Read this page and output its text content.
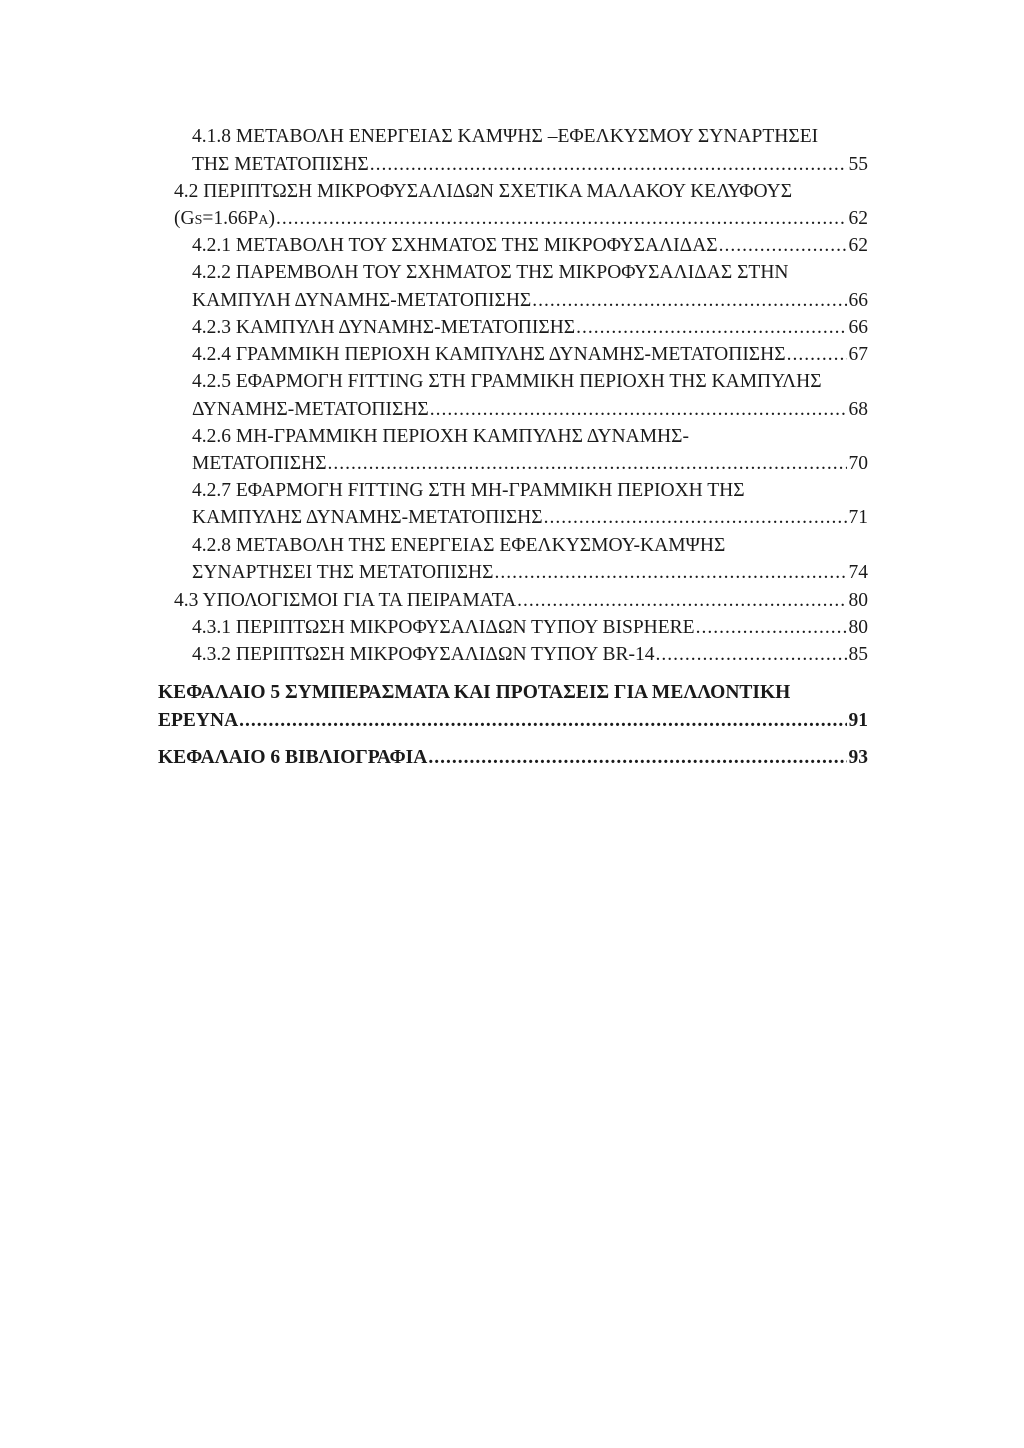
4.1.8 ΜΕΤΑΒΟΛΗ ΕΝΕΡΓΕΙΑΣ ΚΑΜΨΗΣ –ΕΦΕΛΚΥΣΜΟΥ ΣΥΝΑΡΤΗΣΕΙ
ΤΗΣ ΜΕΤΑΤΟΠΙΣΗΣ .....	55
4.2 ΠΕΡΙΠΤΩΣΗ ΜΙΚΡΟΦΥΣΑΛΙΔΩΝ ΣΧΕΤΙΚΑ ΜΑΛΑΚΟΥ ΚΕΛΥΦΟΥΣ
(GS=1.66PA) .....	62
4.2.1 ΜΕΤΑΒΟΛΗ ΤΟΥ ΣΧΗΜΑΤΟΣ ΤΗΣ ΜΙΚΡΟΦΥΣΑΛΙΔΑΣ .....	62
4.2.2 ΠΑΡΕΜΒΟΛΗ ΤΟΥ ΣΧΗΜΑΤΟΣ ΤΗΣ ΜΙΚΡΟΦΥΣΑΛΙΔΑΣ ΣΤΗΝ
ΚΑΜΠΥΛΗ ΔΥΝΑΜΗΣ-ΜΕΤΑΤΟΠΙΣΗΣ .....	66
4.2.3 ΚΑΜΠΥΛΗ ΔΥΝΑΜΗΣ-ΜΕΤΑΤΟΠΙΣΗΣ .....	66
4.2.4 ΓΡΑΜΜΙΚΗ ΠΕΡΙΟΧΗ ΚΑΜΠΥΛΗΣ ΔΥΝΑΜΗΣ-ΜΕΤΑΤΟΠΙΣΗΣ .....	67
4.2.5 ΕΦΑΡΜΟΓΗ FITTING ΣΤΗ ΓΡΑΜΜΙΚΗ ΠΕΡΙΟΧΗ ΤΗΣ ΚΑΜΠΥΛΗΣ
ΔΥΝΑΜΗΣ-ΜΕΤΑΤΟΠΙΣΗΣ .....	68
4.2.6 ΜΗ-ΓΡΑΜΜΙΚΗ ΠΕΡΙΟΧΗ ΚΑΜΠΥΛΗΣ ΔΥΝΑΜΗΣ-
ΜΕΤΑΤΟΠΙΣΗΣ .....	70
4.2.7 ΕΦΑΡΜΟΓΗ FITTING ΣΤΗ ΜΗ-ΓΡΑΜΜΙΚΗ ΠΕΡΙΟΧΗ ΤΗΣ
ΚΑΜΠΥΛΗΣ ΔΥΝΑΜΗΣ-ΜΕΤΑΤΟΠΙΣΗΣ .....	71
4.2.8 ΜΕΤΑΒΟΛΗ ΤΗΣ ΕΝΕΡΓΕΙΑΣ ΕΦΕΛΚΥΣΜΟΥ-ΚΑΜΨΗΣ
ΣΥΝΑΡΤΗΣΕΙ ΤΗΣ ΜΕΤΑΤΟΠΙΣΗΣ .....	74
4.3 ΥΠΟΛΟΓΙΣΜΟΙ ΓΙΑ ΤΑ ΠΕΙΡΑΜΑΤΑ .....	80
4.3.1 ΠΕΡΙΠΤΩΣΗ ΜΙΚΡΟΦΥΣΑΛΙΔΩΝ ΤΥΠΟΥ BISPHERE .....	80
4.3.2 ΠΕΡΙΠΤΩΣΗ ΜΙΚΡΟΦΥΣΑΛΙΔΩΝ ΤΥΠΟΥ BR-14 .....	85
ΚΕΦΑΛΑΙΟ 5 ΣΥΜΠΕΡΑΣΜΑΤΑ ΚΑΙ ΠΡΟΤΑΣΕΙΣ ΓΙΑ ΜΕΛΛΟΝΤΙΚΗ
ΕΡΕΥΝΑ .....	91
ΚΕΦΑΛΑΙΟ 6 ΒΙΒΛΙΟΓΡΑΦΙΑ .....	93
